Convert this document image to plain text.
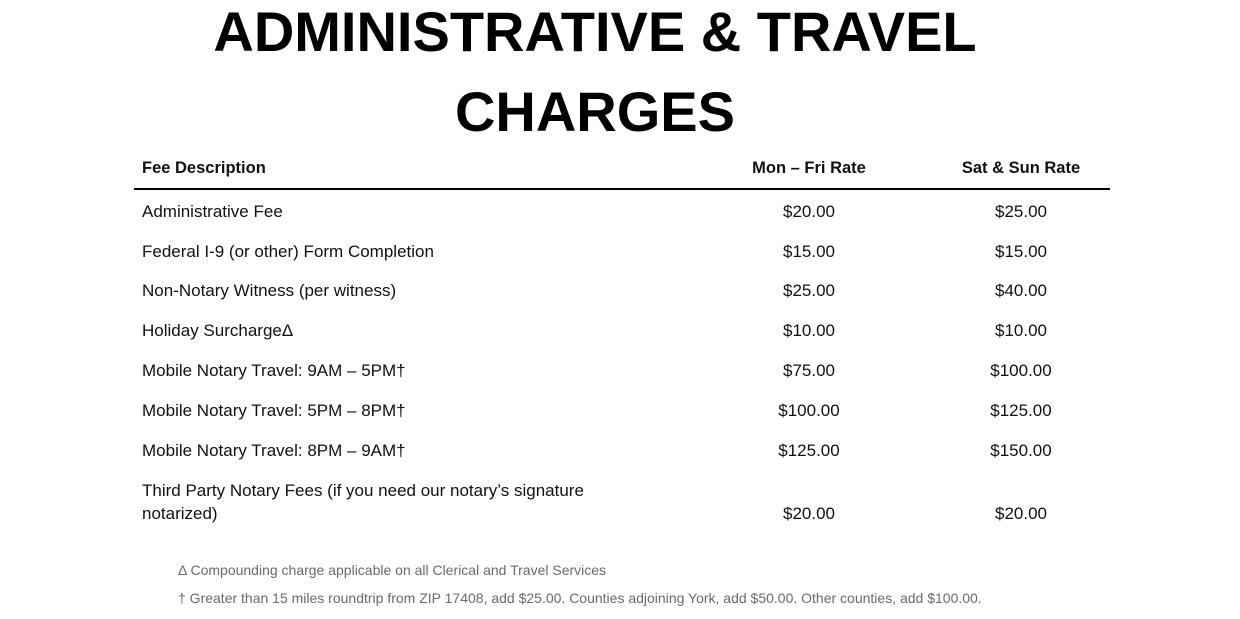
ADMINISTRATIVE & TRAVEL
CHARGES
Fee Description	Mon – Fri Rate	Sat & Sun Rate
Administrative Fee	$20.00	$25.00
Federal I-9 (or other) Form Completion	$15.00	$15.00
Non-Notary Witness (per witness)	$25.00	$40.00
Holiday SurchargeΔ	$10.00	$10.00
Mobile Notary Travel: 9AM – 5PM†	$75.00	$100.00
Mobile Notary Travel: 5PM – 8PM†	$100.00	$125.00
Mobile Notary Travel: 8PM – 9AM†	$125.00	$150.00
Third Party Notary Fees (if you need our notary’s signature notarized)	$20.00	$20.00
Δ Compounding charge applicable on all Clerical and Travel Services
† Greater than 15 miles roundtrip from ZIP 17408, add $25.00. Counties adjoining York, add $50.00. Other counties, add $100.00.
